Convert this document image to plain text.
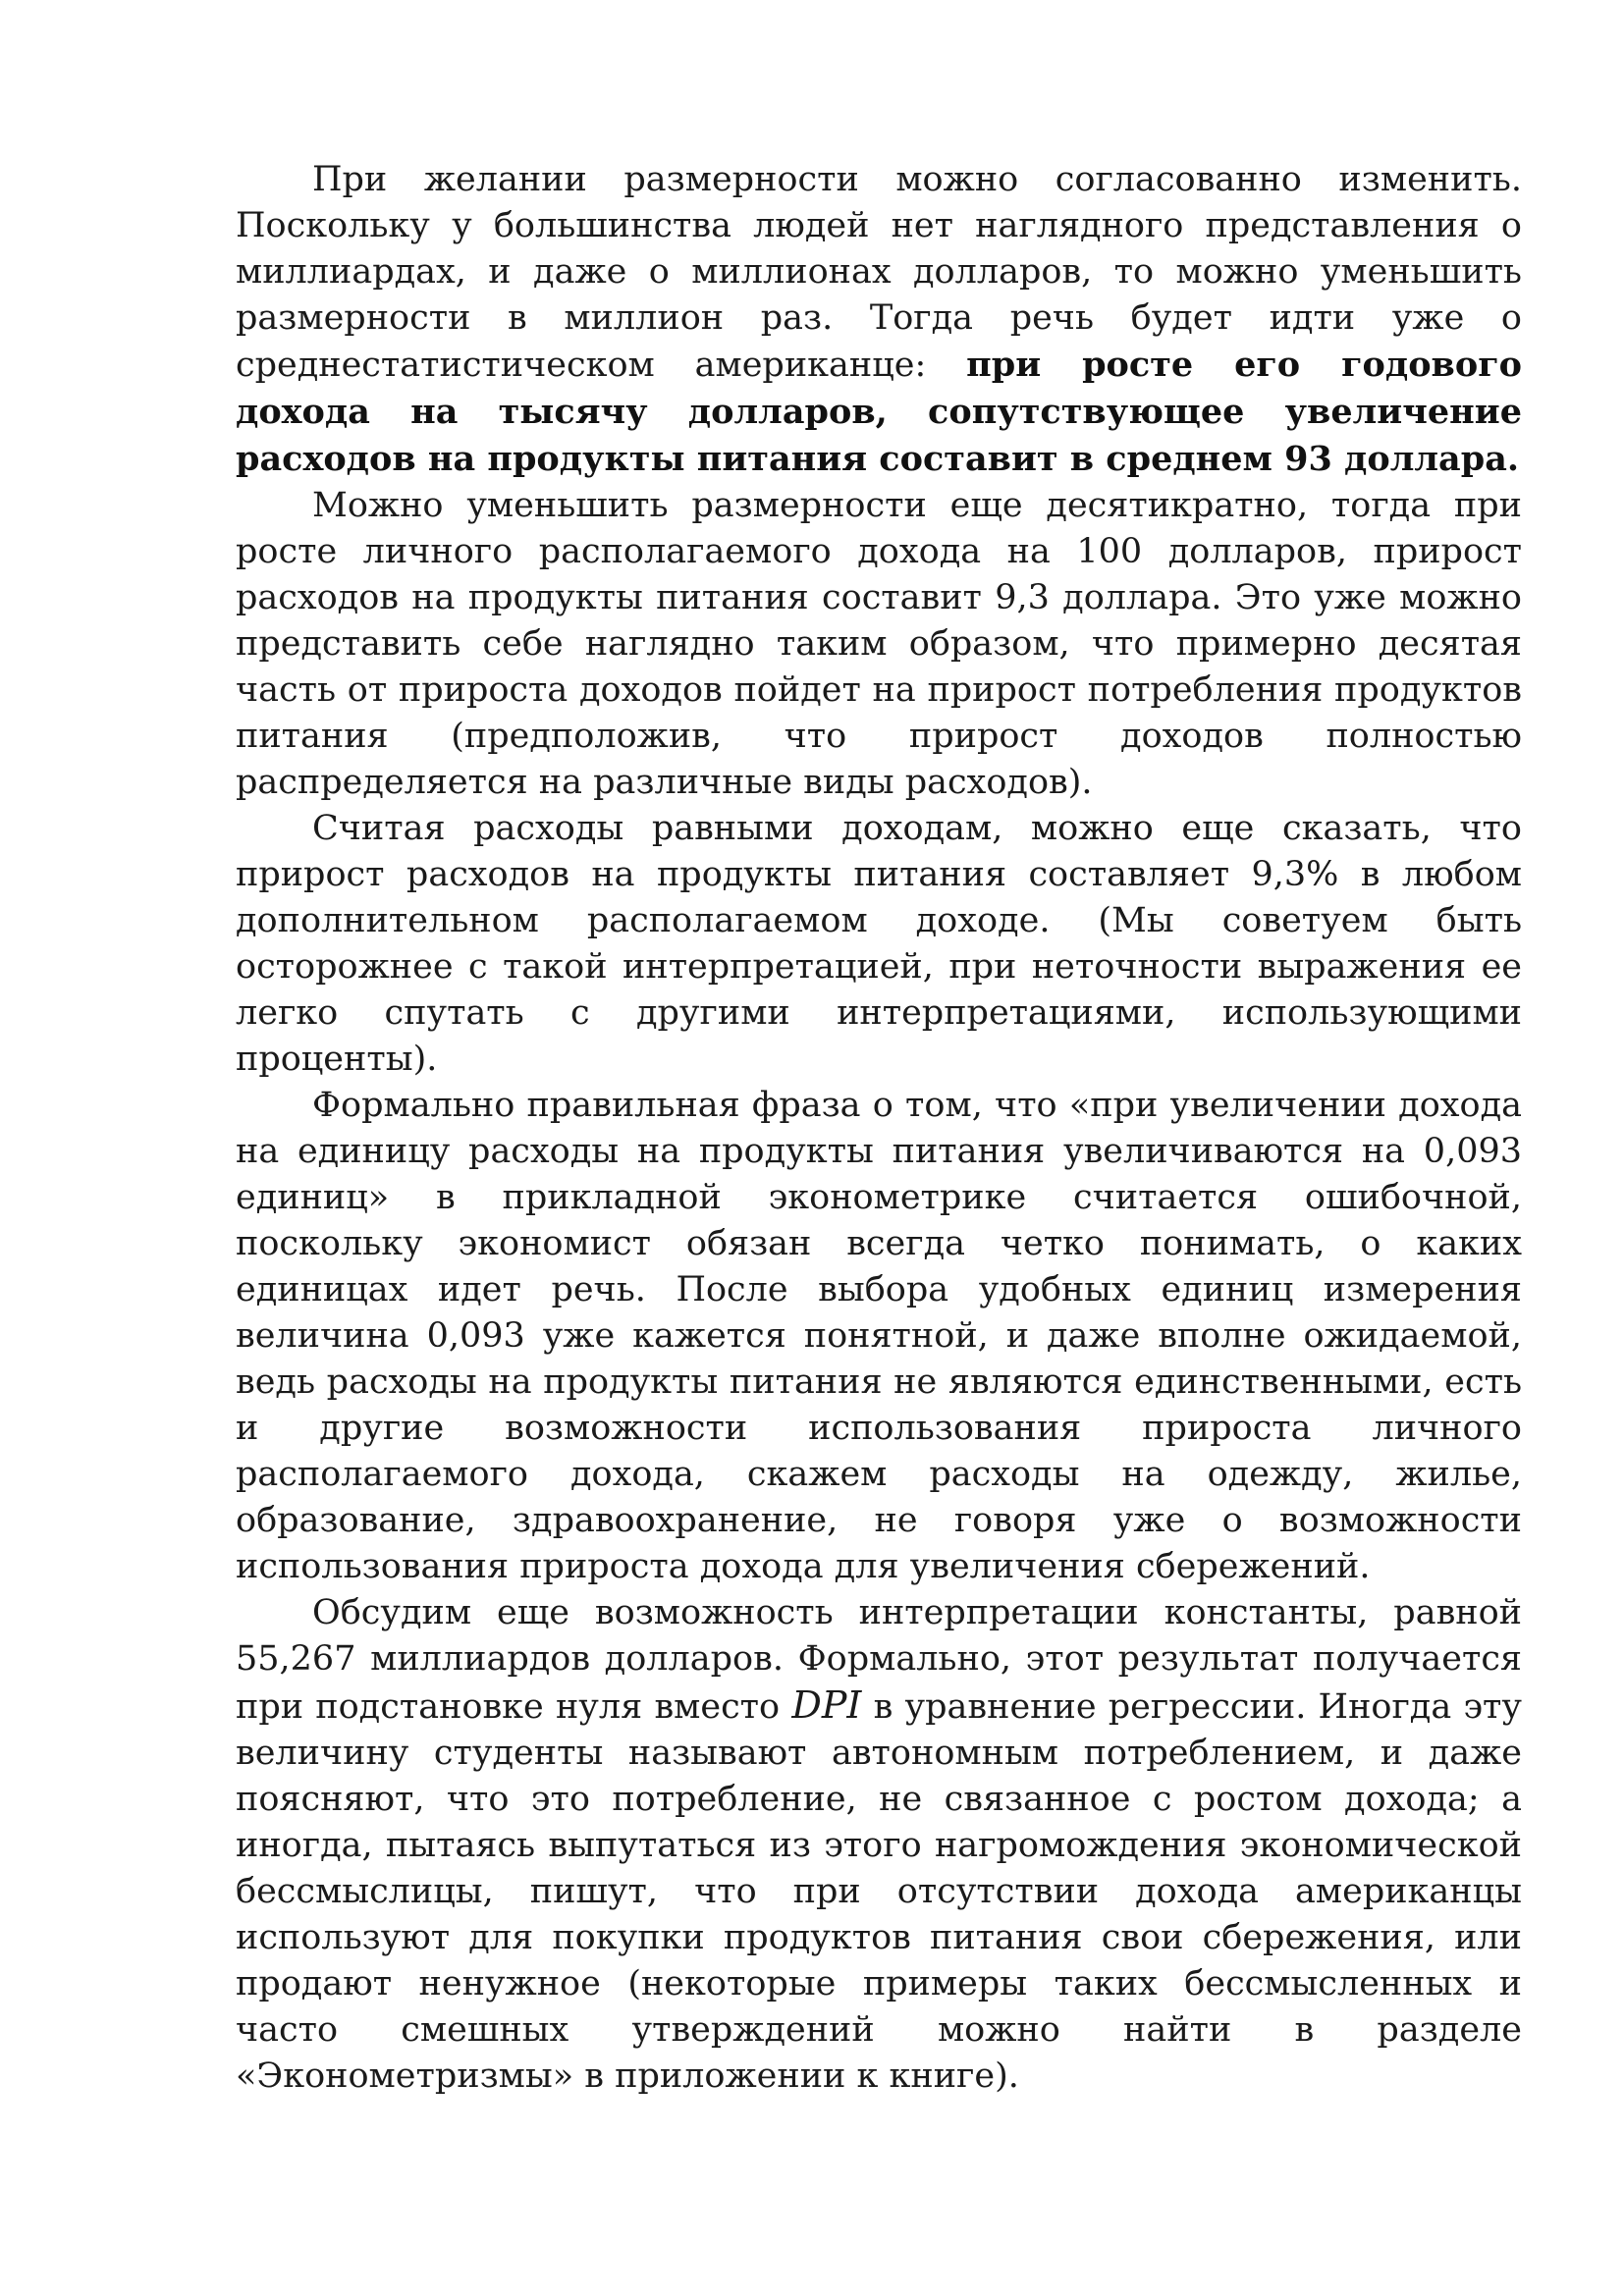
При желании размерности можно согласованно изменить. Поскольку у большинства людей нет наглядного представления о миллиардах, и даже о миллионах долларов, то можно уменьшить размерности в миллион раз. Тогда речь будет идти уже о среднестатистическом американце: при росте его годового дохода на тысячу долларов, сопутствующее увеличение расходов на продукты питания составит в среднем 93 доллара.

Можно уменьшить размерности еще десятикратно, тогда при росте личного располагаемого дохода на 100 долларов, прирост расходов на продукты питания составит 9,3 доллара. Это уже можно представить себе наглядно таким образом, что примерно десятая часть от прироста доходов пойдет на прирост потребления продуктов питания (предположив, что прирост доходов полностью распределяется на различные виды расходов).

Считая расходы равными доходам, можно еще сказать, что прирост расходов на продукты питания составляет 9,3% в любом дополнительном располагаемом доходе. (Мы советуем быть осторожнее с такой интерпретацией, при неточности выражения ее легко спутать с другими интерпретациями, использующими проценты).

Формально правильная фраза о том, что «при увеличении дохода на единицу расходы на продукты питания увеличиваются на 0,093 единиц» в прикладной эконометрике считается ошибочной, поскольку экономист обязан всегда четко понимать, о каких единицах идет речь. После выбора удобных единиц измерения величина 0,093 уже кажется понятной, и даже вполне ожидаемой, ведь расходы на продукты питания не являются единственными, есть и другие возможности использования прироста личного располагаемого дохода, скажем расходы на одежду, жилье, образование, здравоохранение, не говоря уже о возможности использования прироста дохода для увеличения сбережений.

Обсудим еще возможность интерпретации константы, равной 55,267 миллиардов долларов. Формально, этот результат получается при подстановке нуля вместо DPI в уравнение регрессии. Иногда эту величину студенты называют автономным потреблением, и даже поясняют, что это потребление, не связанное с ростом дохода; а иногда, пытаясь выпутаться из этого нагромождения экономической бессмыслицы, пишут, что при отсутствии дохода американцы используют для покупки продуктов питания свои сбережения, или продают ненужное (некоторые примеры таких бессмысленных и часто смешных утверждений можно найти в разделе «Эконометризмы» в приложении к книге).
